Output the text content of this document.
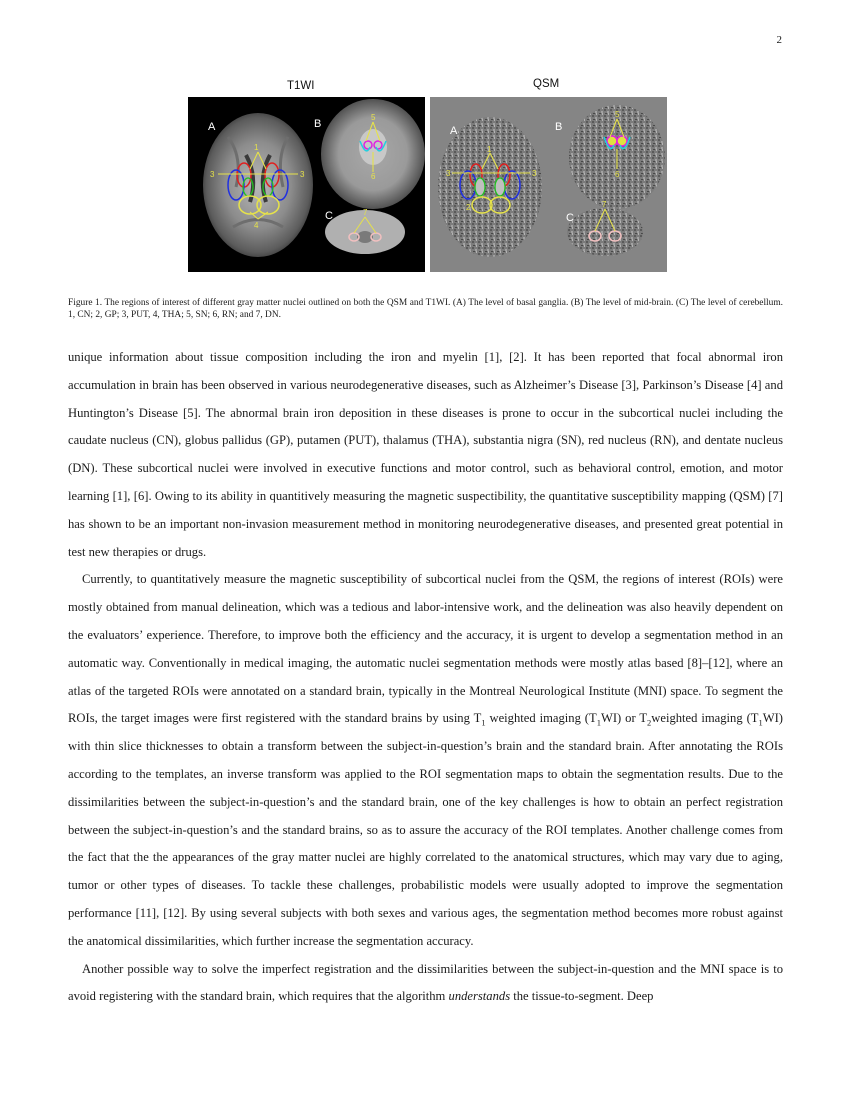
2
T1WI	QSM
A	B
C
1
3	3
4
5
6
7
A	B
C
1
3	3
2
5
6
7
Figure 1. The regions of interest of different gray matter nuclei outlined on both the QSM and T1WI. (A) The level of basal ganglia. (B) The level of mid-brain. (C) The level of cerebellum. 1, CN; 2, GP; 3, PUT, 4, THA; 5, SN; 6, RN; and 7, DN.

unique information about tissue composition including the iron and myelin [1], [2]. It has been reported that focal abnormal iron accumulation in brain has been observed in various neurodegenerative diseases, such as Alzheimer’s Disease [3], Parkinson’s Disease [4] and Huntington’s Disease [5]. The abnormal brain iron deposition in these diseases is prone to occur in the subcortical nuclei including the caudate nucleus (CN), globus pallidus (GP), putamen (PUT), thalamus (THA), substantia nigra (SN), red nucleus (RN), and dentate nucleus (DN). These subcortical nuclei were involved in executive functions and motor control, such as behavioral control, emotion, and motor learning [1], [6]. Owing to its ability in quantitively measuring the magnetic suspectibility, the quantitative susceptibility mapping (QSM) [7] has shown to be an important non-invasion measurement method in monitoring neurodegenerative diseases, and presented great potential in test new therapies or drugs.

Currently, to quantitatively measure the magnetic susceptibility of subcortical nuclei from the QSM, the regions of interest (ROIs) were mostly obtained from manual delineation, which was a tedious and labor-intensive work, and the delineation was also heavily dependent on the evaluators’ experience. Therefore, to improve both the efficiency and the accuracy, it is urgent to develop a segmentation method in an automatic way. Conventionally in medical imaging, the automatic nuclei segmentation methods were mostly atlas based [8]–[12], where an atlas of the targeted ROIs were annotated on a standard brain, typically in the Montreal Neurological Institute (MNI) space. To segment the ROIs, the target images were first registered with the standard brains by using $T_1$ weighted imaging $(T_1WI)$ or $T_2weighted$ imaging $(T_1WI)$ with thin slice thicknesses to obtain a transform between the subject-in-question’s brain and the standard brain. After annotating the ROIs according to the templates, an inverse transform was applied to the ROI segmentation maps to obtain the segmentation results. Due to the dissimilarities between the subject-in-question’s and the standard brain, one of the key challenges is how to obtain an perfect registration between the subject-in-question’s and the standard brains, so as to assure the accuracy of the ROI templates. Another challenge comes from the fact that the the appearances of the gray matter nuclei are highly correlated to the anatomical structures, which may vary due to aging, tumor or other types of diseases. To tackle these challenges, probabilistic models were usually adopted to improve the segmentation performance [11], [12]. By using several subjects with both sexes and various ages, the segmentation method becomes more robust against the anatomical dissimilarities, which further increase the segmentation accuracy.

Another possible way to solve the imperfect registration and the dissimilarities between the subject-in-question and the MNI space is to avoid registering with the standard brain, which requires that the algorithm understands the tissue-to-segment. Deep
